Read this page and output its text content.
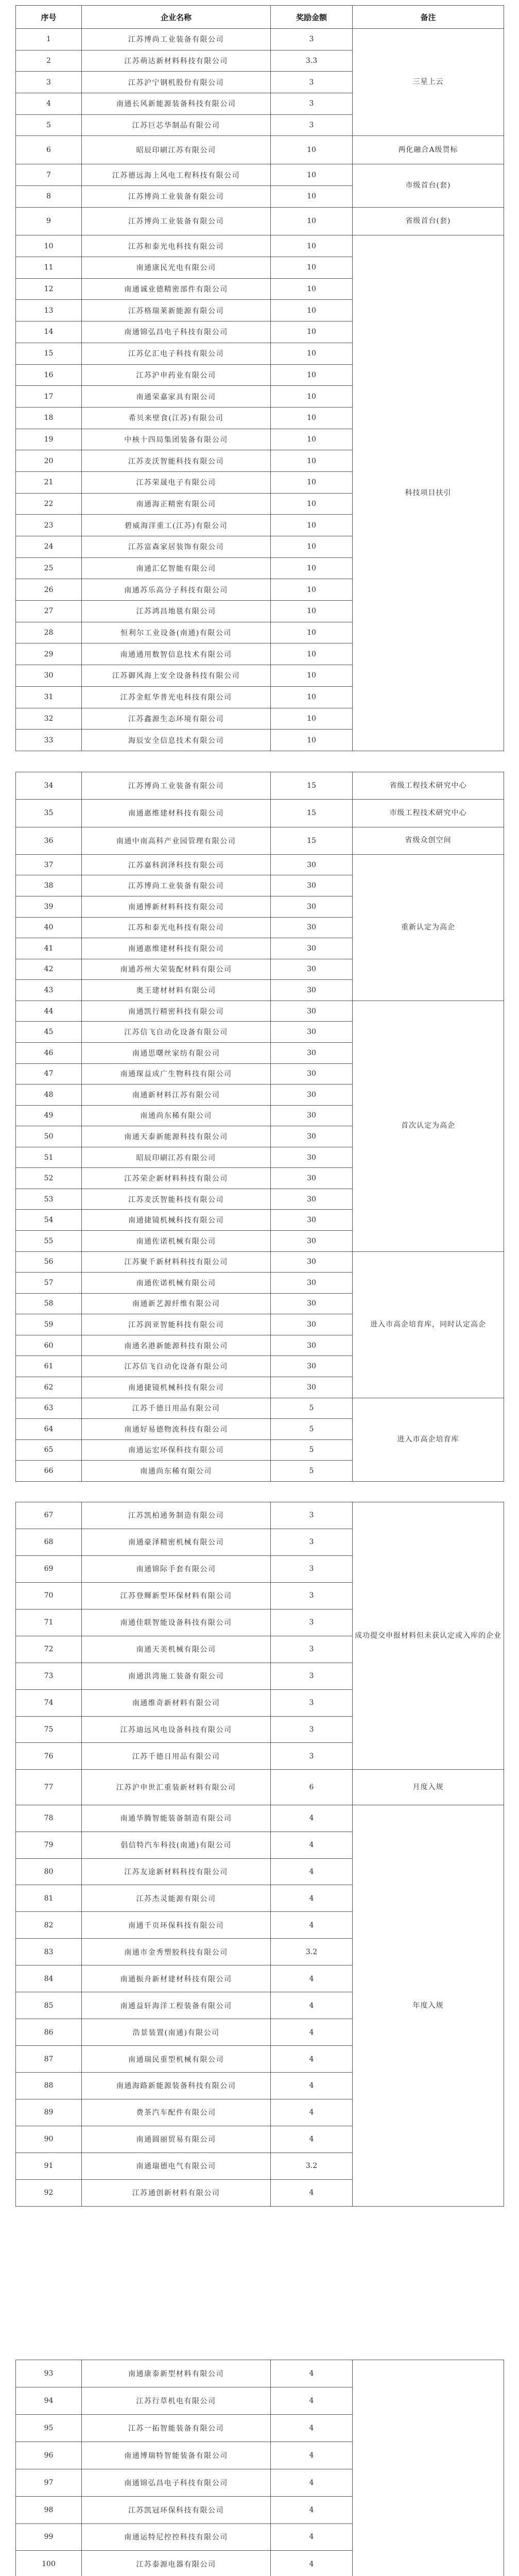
序号	企业名称	奖励金额	备注
1	江苏博尚工业装备有限公司	3	三星上云
2	江苏萌达新材料科技有限公司	3.3	
3	江苏沪宁钢机股份有限公司	3	
4	南通长风新能源装备科技有限公司	3	
5	江苏巨芯华制品有限公司	3	
6	昭辰印刷江苏有限公司	10	两化融合A级贯标
7	江苏德远海上风电工程科技有限公司	10	市级首台(套)
8	江苏博尚工业装备有限公司	10	
9	江苏博尚工业装备有限公司	10	省级首台(套)
10	江苏和泰光电科技有限公司	10	科技项目扶引
11	南通康民光电有限公司	10	
12	南通诚业德精密部件有限公司	10	
13	江苏格瑞莱新能源有限公司	10	
14	南通锦弘昌电子科技有限公司	10	
15	江苏亿汇电子科技有限公司	10	
16	江苏沪申药业有限公司	10	
17	南通荣嘉家具有限公司	10	
18	希贝来壁食(江苏)有限公司	10	
19	中核十四局集团装备有限公司	10	
20	江苏麦沃智能科技有限公司	10	
21	江苏荣晟电子有限公司	10	
22	南通海正精密有限公司	10	
23	碧威海洋重工(江苏)有限公司	10	
24	江苏富森家居装饰有限公司	10	
25	南通汇亿智能有限公司	10	
26	南通苏乐高分子科技有限公司	10	
27	江苏鸿昌地毯有限公司	10	
28	恒利尔工业设备(南通)有限公司	10	
29	南通通用数智信息技术有限公司	10	
30	江苏御风海上安全设备科技有限公司	10	
31	江苏金虹华普光电科技有限公司	10	
32	江苏鑫源生态环境有限公司	10	
33	海辰安全信息技术有限公司	10	
34	江苏博尚工业装备有限公司	15	省级工程技术研究中心
35	南通惠维建材科技有限公司	15	市级工程技术研究中心
36	南通中南高科产业园管理有限公司	15	省级众创空间
37	江苏嘉科润泽科技有限公司	30	重新认定为高企
38	江苏博尚工业装备有限公司	30	
39	南通博新材料科技有限公司	30	
40	江苏和泰光电科技有限公司	30	
41	南通惠维建材科技有限公司	30	
42	南通苏州大荣装配材料有限公司	30	
43	奥王建材材料有限公司	30	
44	南通凯行精密科技有限公司	30	首次认定为高企
45	江苏信飞自动化设备有限公司	30	
46	南通思曙丝家纺有限公司	30	
47	南通琛益成广生物科技有限公司	30	
48	南通新材料江苏有限公司	30	
49	南通尚东稀有限公司	30	
50	南通天泰新能源科技有限公司	30	
51	昭辰印刷江苏有限公司	30	
52	江苏荣企新材料科技有限公司	30	
53	江苏麦沃智能科技有限公司	30	
54	南通捷镜机械科技有限公司	30	
55	南通佐诺机械有限公司	30	
56	江苏聚千新材料科技有限公司	30	进入市高企培育库，同时认定高企
57	南通佐诺机械有限公司	30	
58	南通新艺源纤维有限公司	30	
59	江苏润亚智能科技有限公司	30	
60	南通名港新能源科技有限公司	30	
61	江苏信飞自动化设备有限公司	30	
62	南通捷镜机械科技有限公司	30	
63	江苏千德日用品有限公司	5	进入市高企培育库
64	南通好易德物流科技有限公司	5	
65	南通运宏环保科技有限公司	5	
66	南通尚东稀有限公司	5	
67	江苏凯柏通务制造有限公司	3	成功提交申报材料但未获认定或入库的企业
68	南通豪泽精密机械有限公司	3	
69	南通锦际手套有限公司	3	
70	江苏登輝新型环保材料有限公司	3	
71	南通佳联智能设备科技有限公司	3	
72	南通天美机械有限公司	3	
73	南通洪湾施工装备有限公司	3	
74	南通维奇新材料有限公司	3	
75	江苏迪远风电设备科技有限公司	3	
76	江苏千德日用品有限公司	3	
77	江苏沪申世汇重装新材料有限公司	6	月度入规
78	南通华腾智能装备制造有限公司	4	年度入规
79	倡信特汽车科技(南通)有限公司	4	
80	江苏友途新材料科技有限公司	4	
81	江苏杰灵能源有限公司	4	
82	南通千页环保科技有限公司	4	
83	南通市金秀塑胶科技有限公司	3.2	
84	南通振舟新材建材科技有限公司	4	
85	南通益轩海洋工程装备有限公司	4	
86	浩景装置(南通)有限公司	4	
87	南通瑞民重型机械有限公司	4	
88	南通海路新能源装备科技有限公司	4	
89	费茶汽车配件有限公司	4	
90	南通圆丽贸易有限公司	4	
91	南通瑞德电气有限公司	3.2	
92	江苏通创新材料有限公司	4	
93	南通康泰新型材料有限公司	4	
94	江苏行草机电有限公司	4	
95	江苏一拓智能装备有限公司	4	
96	南通博瑞特智能装备有限公司	4	
97	南通锦弘昌电子科技有限公司	4	
98	江苏凯冠环保科技有限公司	4	
99	南通运特尼控控科技有限公司	4	
100	江苏泰源电器有限公司	4	
